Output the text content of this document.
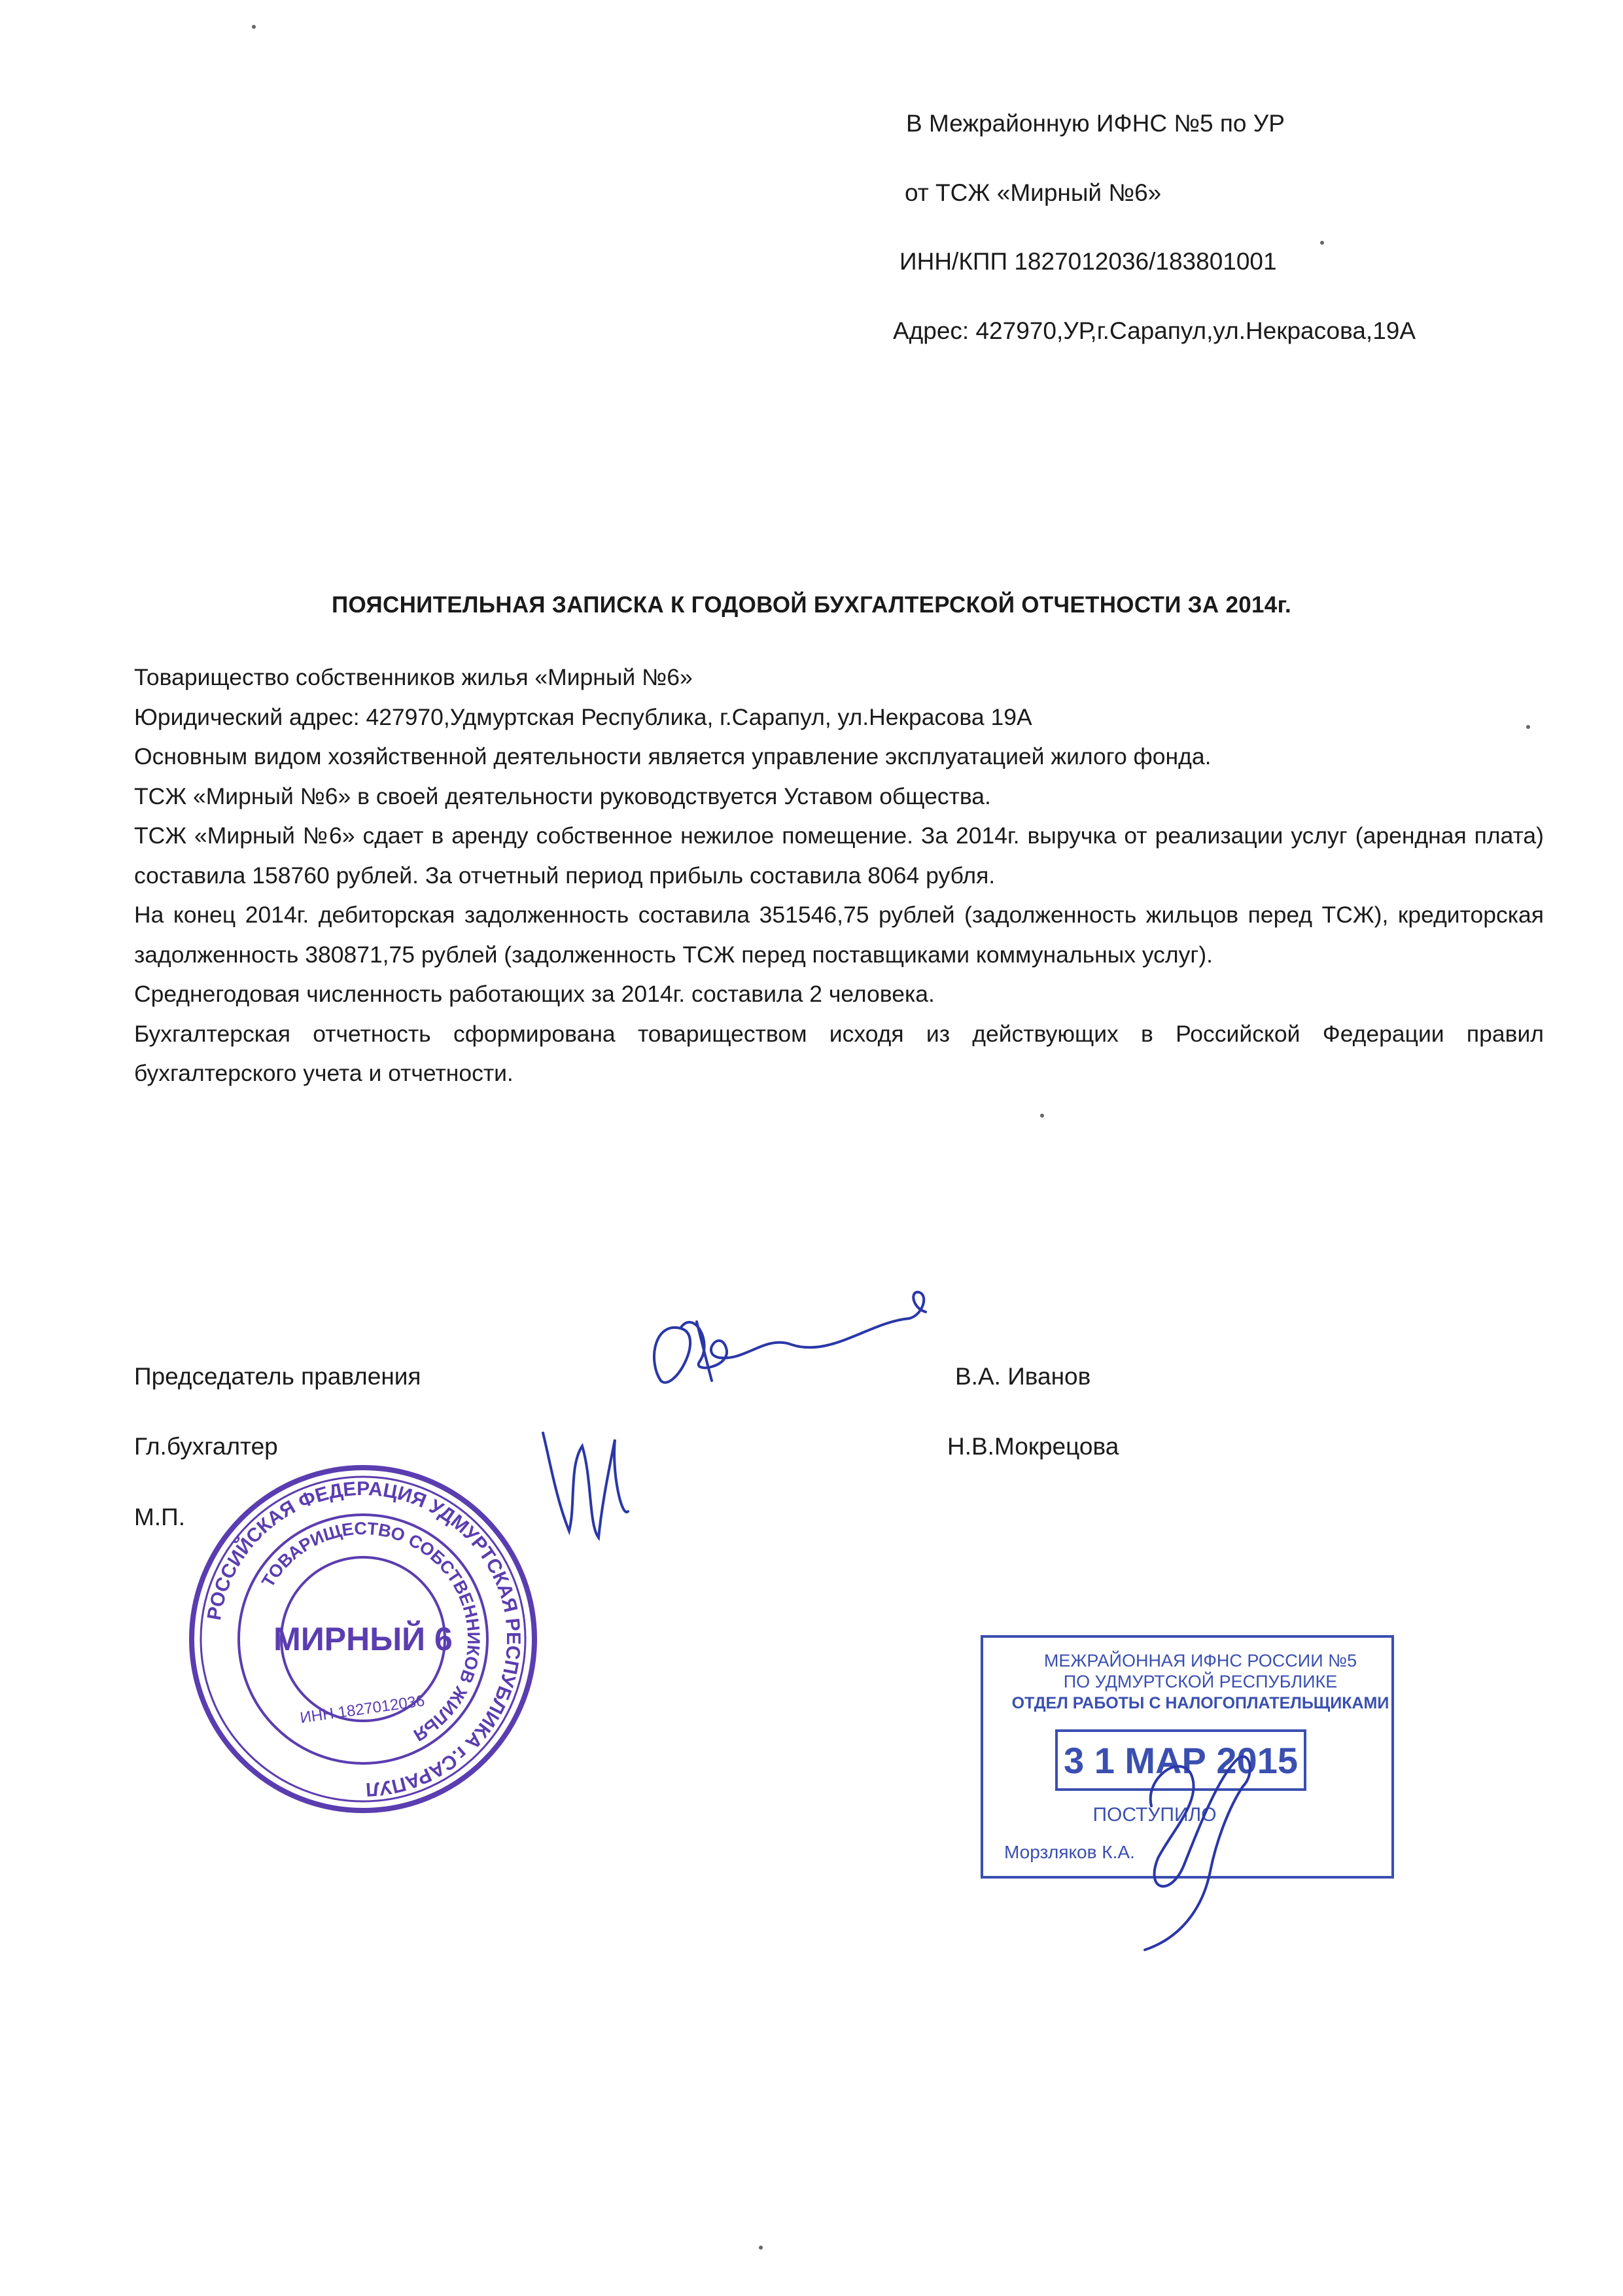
В Межрайонную ИФНС №5 по УР
от ТСЖ «Мирный №6»
ИНН/КПП 1827012036/183801001
Адрес: 427970,УР,г.Сарапул,ул.Некрасова,19А
ПОЯСНИТЕЛЬНАЯ ЗАПИСКА К ГОДОВОЙ БУХГАЛТЕРСКОЙ ОТЧЕТНОСТИ ЗА 2014г.

Товарищество собственников жилья «Мирный №6»

Юридический адрес: 427970,Удмуртская Республика, г.Сарапул, ул.Некрасова 19А

Основным видом хозяйственной деятельности является управление эксплуатацией жилого фонда.

ТСЖ «Мирный №6» в своей деятельности руководствуется Уставом общества.

ТСЖ «Мирный №6» сдает в аренду собственное нежилое помещение. За 2014г. выручка от реализации услуг (арендная плата) составила 158760 рублей. За отчетный период прибыль составила 8064 рубля.

На конец 2014г. дебиторская задолженность составила 351546,75 рублей (задолженность жильцов перед ТСЖ), кредиторская задолженность 380871,75 рублей (задолженность ТСЖ перед поставщиками коммунальных услуг).

Среднегодовая численность работающих за 2014г. составила 2 человека.

Бухгалтерская отчетность сформирована товариществом исходя из действующих в Российской Федерации правил бухгалтерского учета и отчетности.

Председатель правления	В.А. Иванов
Гл.бухгалтер	Н.В.Мокрецова
М.П.
РОССИЙСКАЯ ФЕДЕРАЦИЯ УДМУРТСКАЯ РЕСПУБЛИКА г.САРАПУЛ
ТОВАРИЩЕСТВО СОБСТВЕННИКОВ ЖИЛЬЯ
МИРНЫЙ 6
ИНН 1827012036
МЕЖРАЙОННАЯ ИФНС РОССИИ №5
ПО УДМУРТСКОЙ РЕСПУБЛИКЕ
ОТДЕЛ РАБОТЫ С НАЛОГОПЛАТЕЛЬЩИКАМИ
3 1 МАР 2015
ПОСТУПИЛО
Морзляков К.А.
